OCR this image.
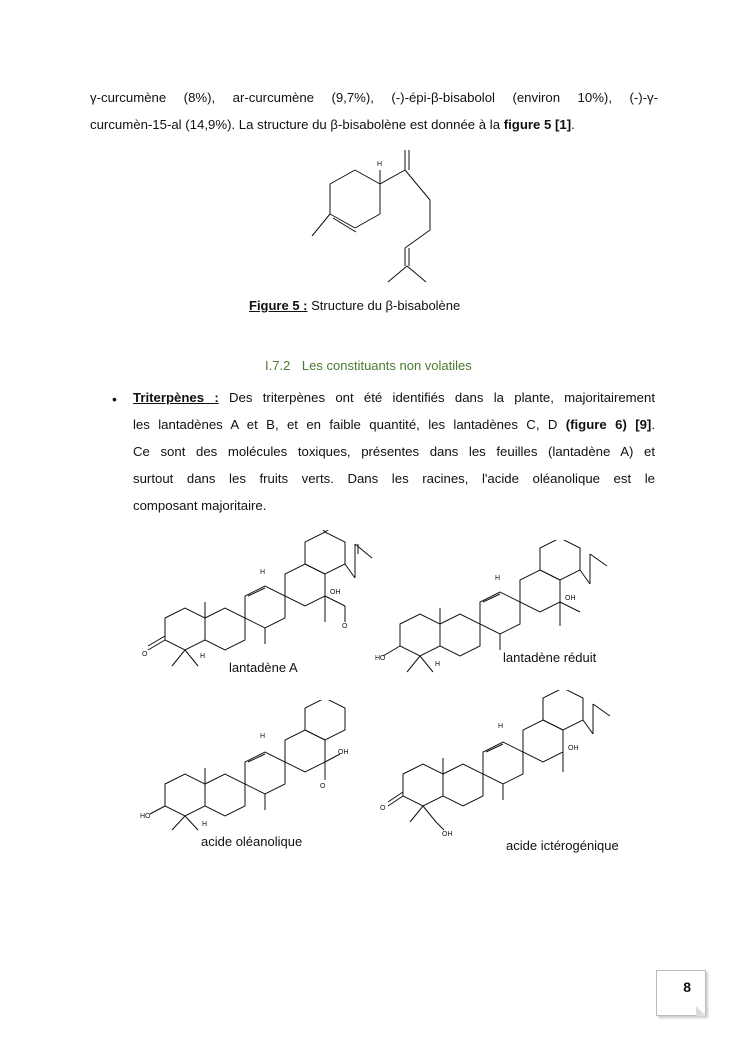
γ-curcumène (8%), ar-curcumène (9,7%), (-)-épi-β-bisabolol (environ 10%), (-)-γ-
curcumèn-15-al (14,9%). La structure du β-bisabolène est donnée à la figure 5 [1].
H
Figure 5 : Structure du β-bisabolène
I.7.2 Les constituants non volatiles
• Triterpènes : Des triterpènes ont été identifiés dans la plante, majoritairement
les lantadènes A et B, et en faible quantité, les lantadènes C, D (figure 6) [9].
Ce sont des molécules toxiques, présentes dans les feuilles (lantadène A) et
surtout dans les fruits verts. Dans les racines, l'acide oléanolique est le
composant majoritaire.
O
OH
O
H
H
lantadène A
HO
OH
H
H	lantadène réduit
HO
OH
O
H
H
acide oléanolique
O
OH
OH
H
acide ictérogénique
8
